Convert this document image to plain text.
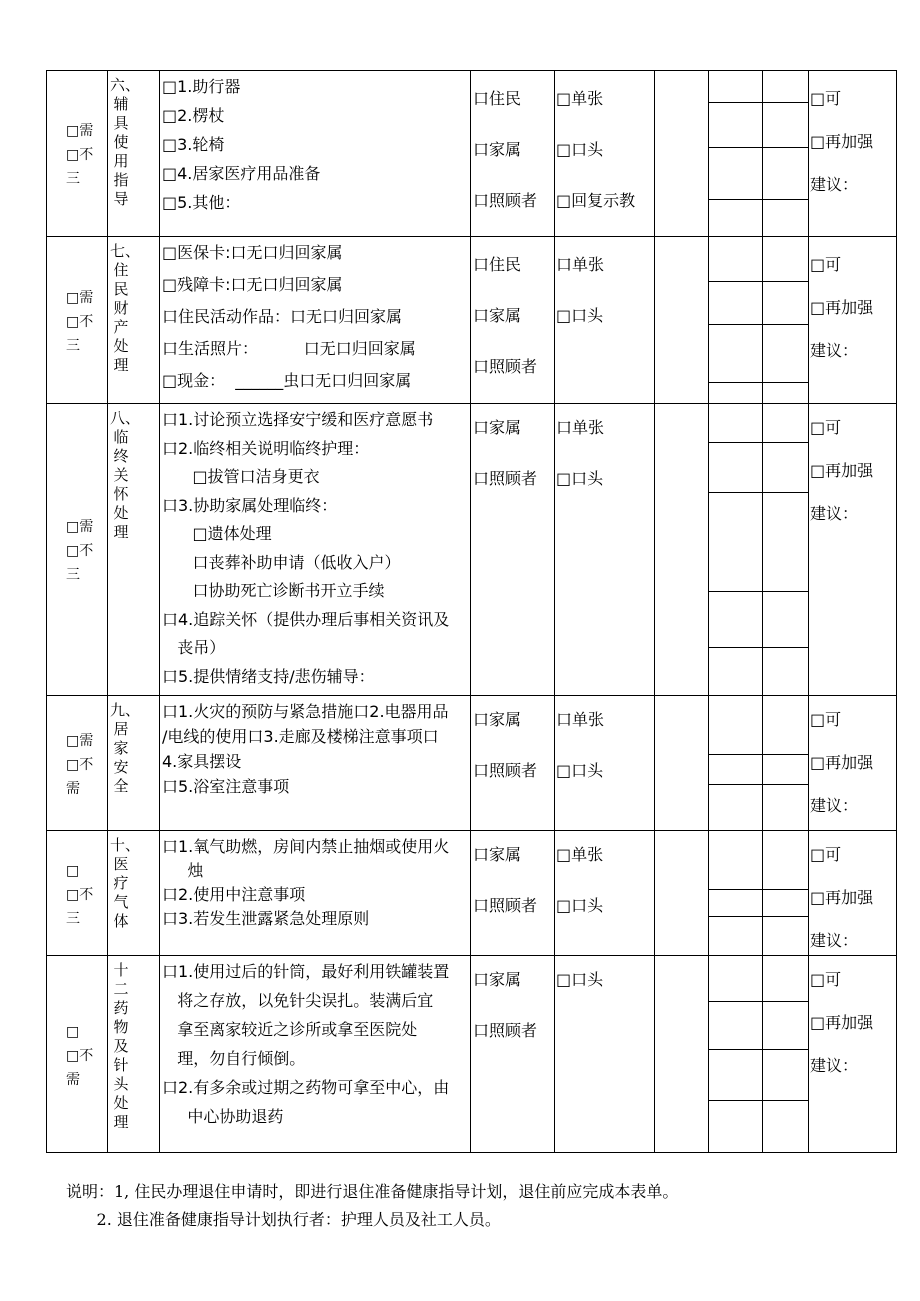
□需
□不
三
六、辅具使用指导
□1.助行器
□2.楞杖
□3.轮椅
□4.居家医疗用品准备
□5.其他：
口住民
口家属
口照顾者
□单张
□口头
□回复示教
□可
□再加强
建议：
□需
□不
三
七、住民财产处理
□医保卡:口无口归回家属
□残障卡:口无口归回家属
口住民活动作品：口无口归回家属
口生活照片：         口无口归回家属
□现金：  ______虫口无口归回家属
口住民
口家属
口照顾者
口单张
□口头
□可
□再加强
建议：
□需
□不
三
八、临终关怀处理
口1.讨论预立选择安宁缓和医疗意愿书
口2.临终相关说明临终护理：
□拔管口洁身更衣
口3.协助家属处理临终：
□遗体处理
口丧葬补助申请（低收入户）
口协助死亡诊断书开立手续
口4.追踪关怀（提供办理后事相关资讯及
丧吊）
口5.提供情绪支持/悲伤辅导：
口家属
口照顾者
口单张
□口头
□可
□再加强
建议：
□需
□不
需
九、居家安全
口1.火灾的预防与紧急措施口2.电器用品
/电线的使用口3.走廊及楼梯注意事项口
4.家具摆设
口5.浴室注意事项
口家属
口照顾者
口单张
□口头
□可
□再加强
建议：
□
□不
三
十、医疗气体
口1.氧气助燃，房间内禁止抽烟或使用火
烛
口2.使用中注意事项
口3.若发生泄露紧急处理原则
口家属
口照顾者
□单张
□口头
□可
□再加强
建议：
□
□不
需
十二药物及针头处理
口1.使用过后的针筒，最好利用铁罐装置
将之存放，以免针尖误扎。装满后宜
拿至离家较近之诊所或拿至医院处
理，勿自行倾倒。
口2.有多余或过期之药物可拿至中心，由
中心协助退药
口家属
口照顾者
□口头	□可
□再加强
建议：
说明：1, 住民办理退住申请时，即进行退住准备健康指导计划，退住前应完成本表单。
2. 退住准备健康指导计划执行者：护理人员及社工人员。
